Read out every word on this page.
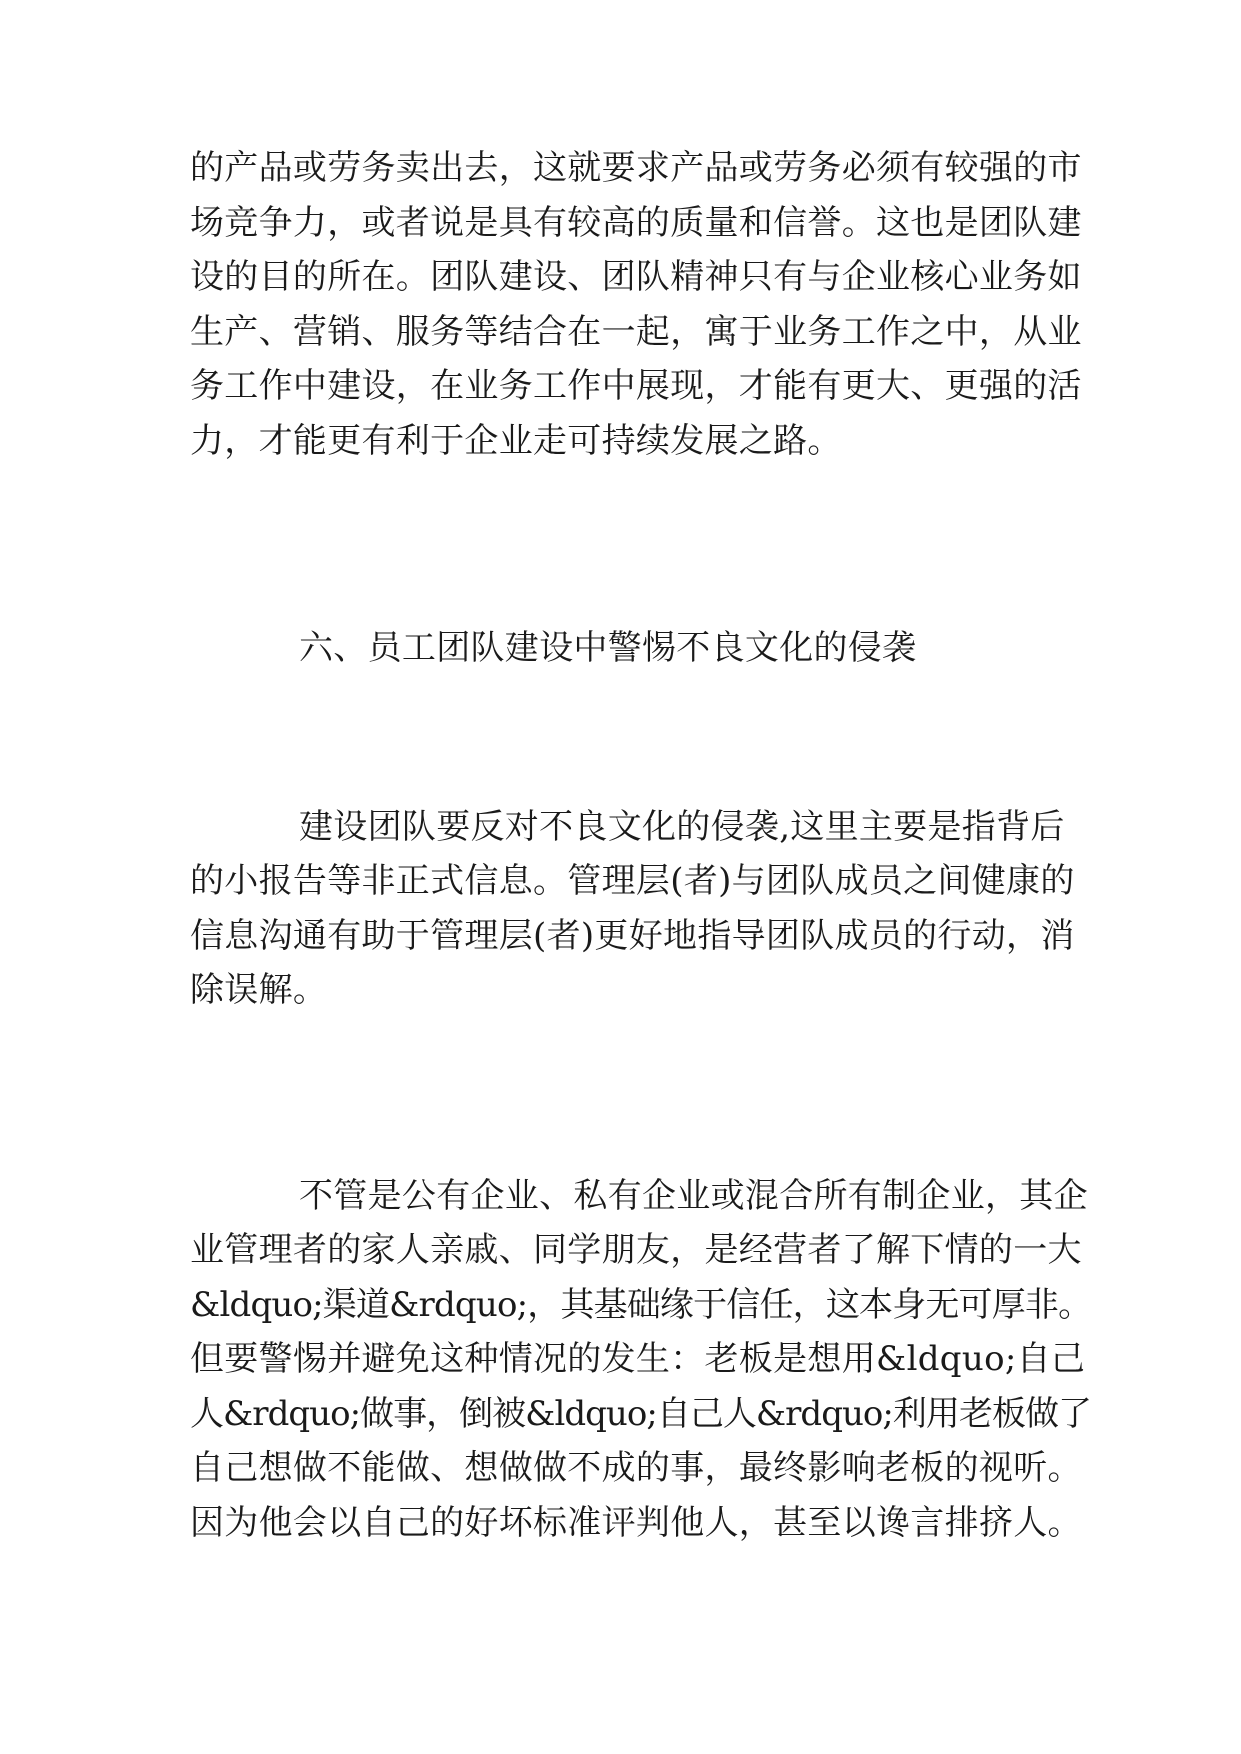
的产品或劳务卖出去，这就要求产品或劳务必须有较强的市

场竞争力，或者说是具有较高的质量和信誉。这也是团队建

设的目的所在。团队建设、团队精神只有与企业核心业务如

生产、营销、服务等结合在一起，寓于业务工作之中，从业

务工作中建设，在业务工作中展现，才能有更大、更强的活

力，才能更有利于企业走可持续发展之路。

六、员工团队建设中警惕不良文化的侵袭

建设团队要反对不良文化的侵袭,这里主要是指背后

的小报告等非正式信息。管理层(者)与团队成员之间健康的

信息沟通有助于管理层(者)更好地指导团队成员的行动，消

除误解。

不管是公有企业、私有企业或混合所有制企业，其企

业管理者的家人亲戚、同学朋友，是经营者了解下情的一大

&ldquo;渠道&rdquo;，其基础缘于信任，这本身无可厚非。

但要警惕并避免这种情况的发生：老板是想用&ldquo;自己

人&rdquo;做事，倒被&ldquo;自己人&rdquo;利用老板做了

自己想做不能做、想做做不成的事，最终影响老板的视听。

因为他会以自己的好坏标准评判他人，甚至以谗言排挤人。
